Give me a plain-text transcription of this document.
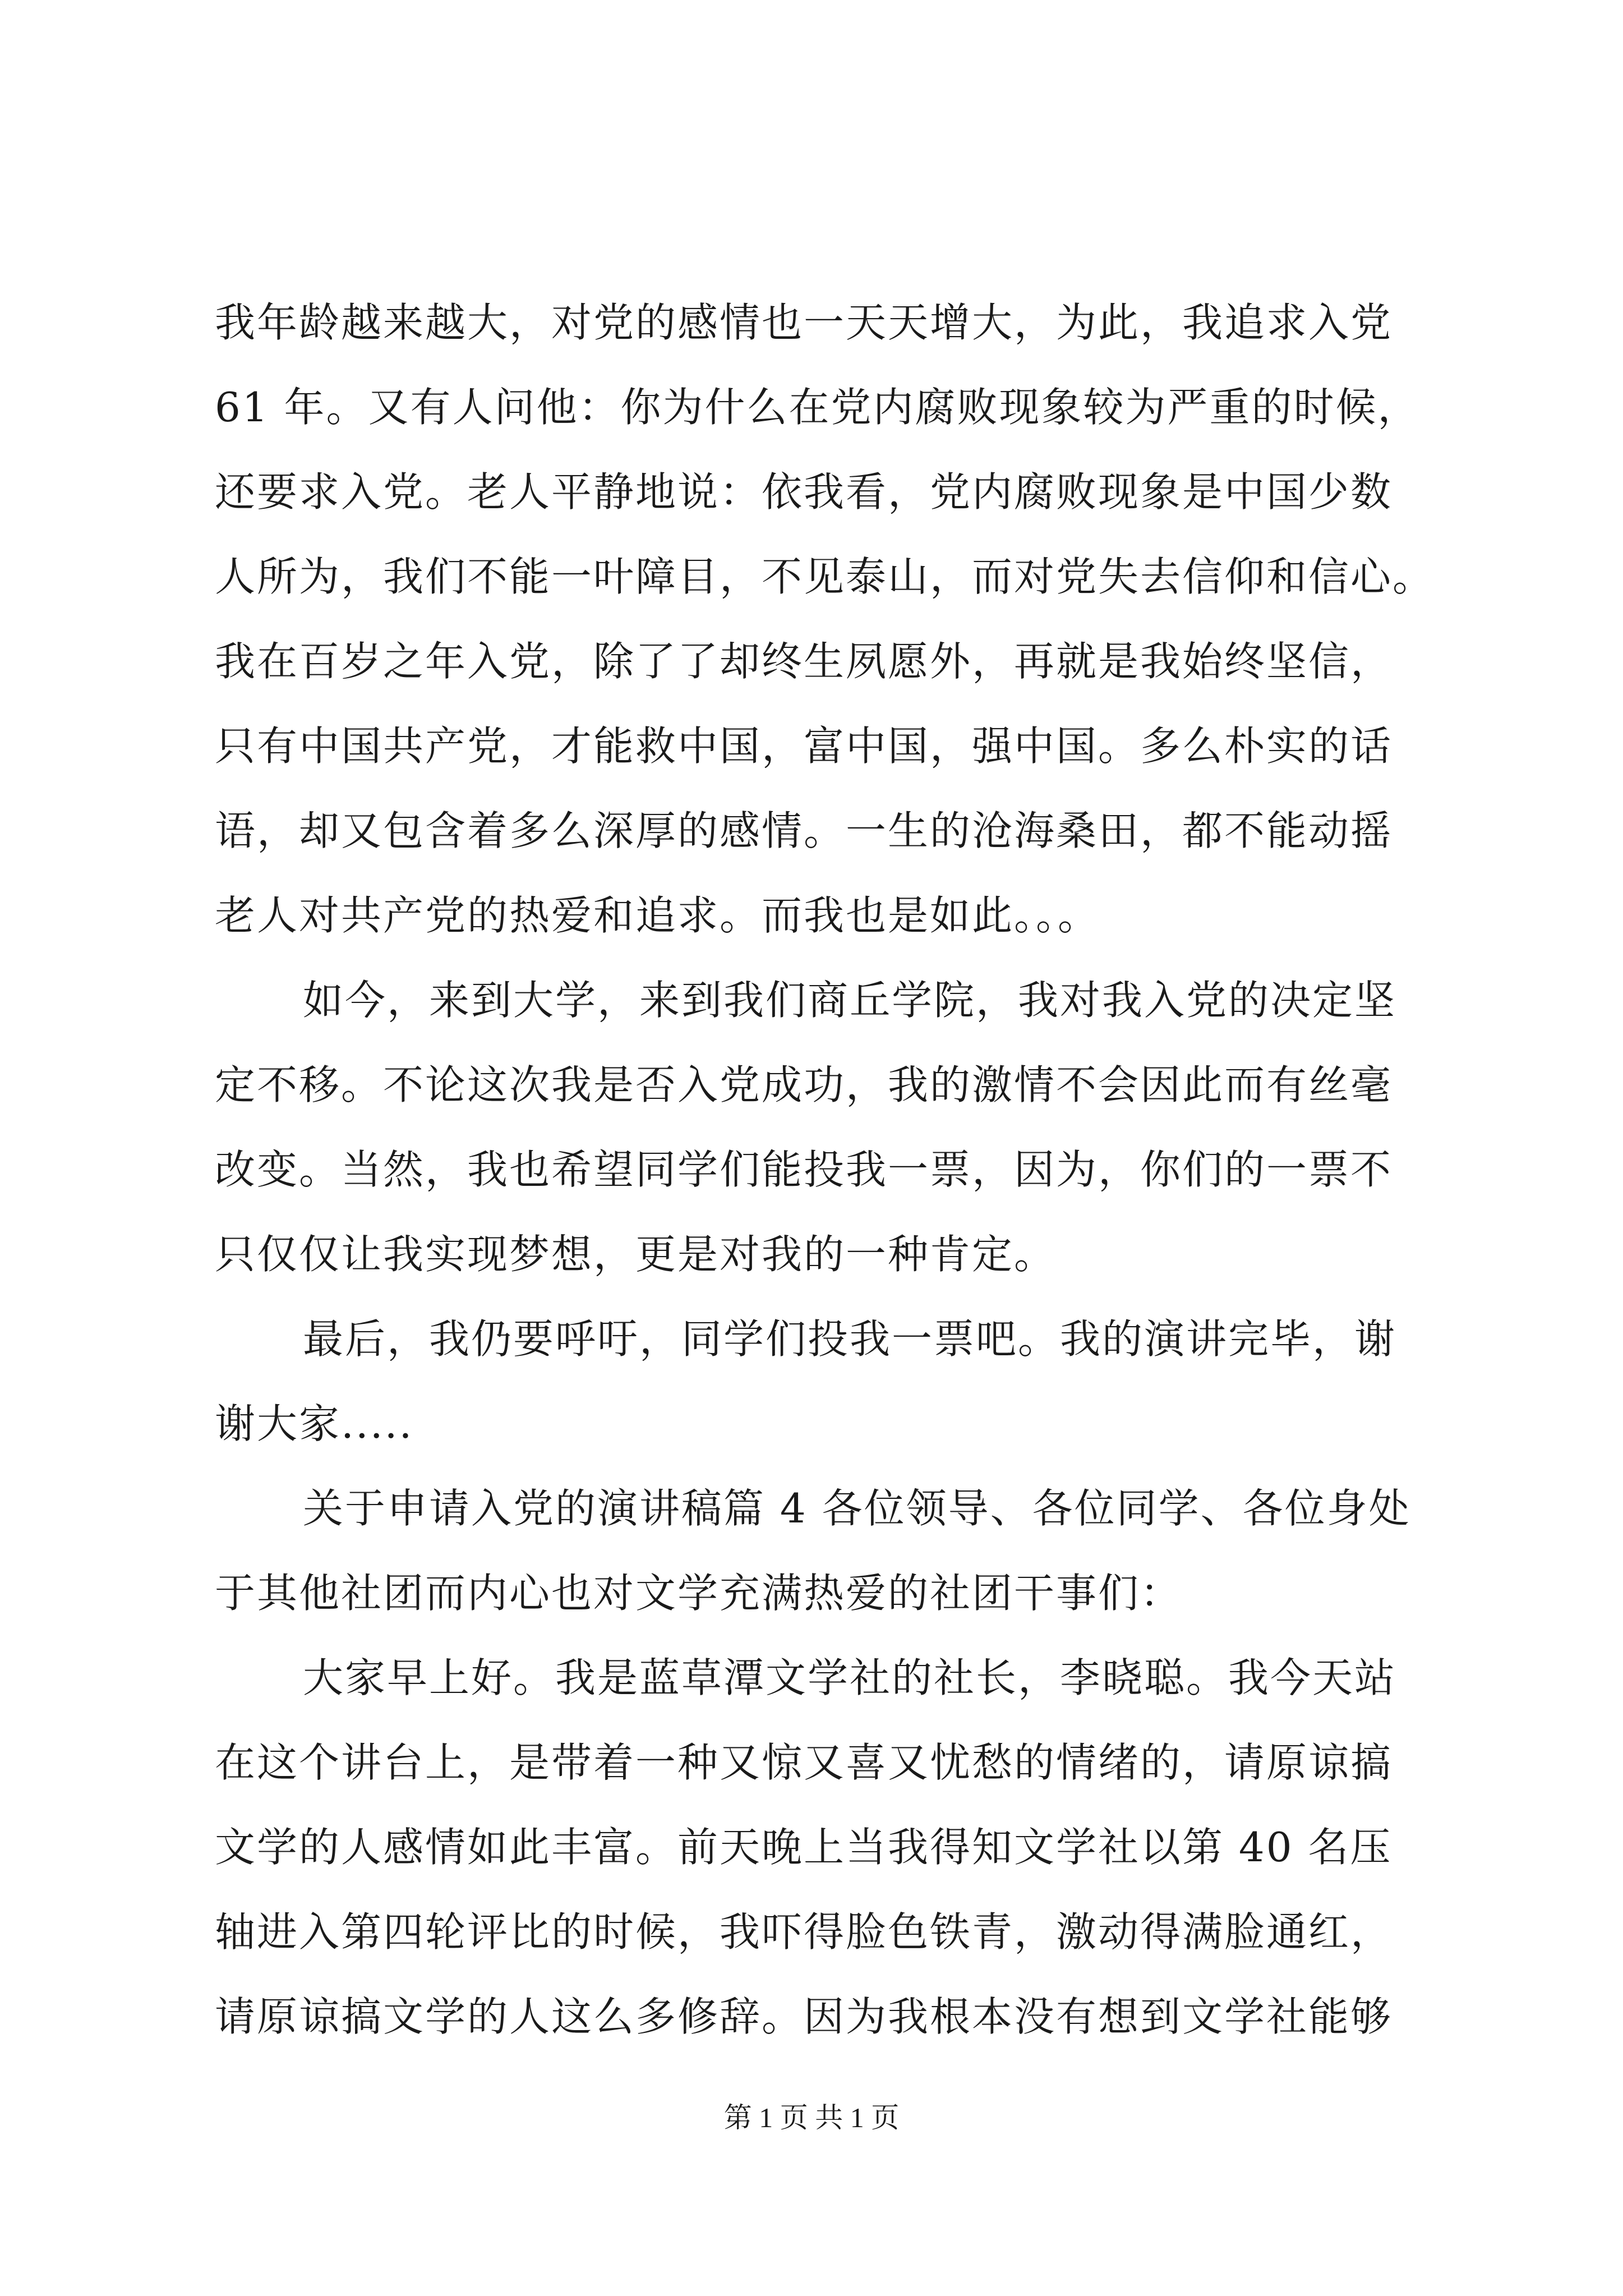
我年龄越来越大，对党的感情也一天天增大，为此，我追求入党
61 年。又有人问他：你为什么在党内腐败现象较为严重的时候，
还要求入党。老人平静地说：依我看，党内腐败现象是中国少数
人所为，我们不能一叶障目，不见泰山，而对党失去信仰和信心。
我在百岁之年入党，除了了却终生夙愿外，再就是我始终坚信，
只有中国共产党，才能救中国，富中国，强中国。多么朴实的话
语，却又包含着多么深厚的感情。一生的沧海桑田，都不能动摇
老人对共产党的热爱和追求。而我也是如此。。。
如今，来到大学，来到我们商丘学院，我对我入党的决定坚
定不移。不论这次我是否入党成功，我的激情不会因此而有丝毫
改变。当然，我也希望同学们能投我一票，因为，你们的一票不
只仅仅让我实现梦想，更是对我的一种肯定。
最后，我仍要呼吁，同学们投我一票吧。我的演讲完毕，谢
谢大家.....
关于申请入党的演讲稿篇 4 各位领导、各位同学、各位身处
于其他社团而内心也对文学充满热爱的社团干事们：
大家早上好。我是蓝草潭文学社的社长，李晓聪。我今天站
在这个讲台上，是带着一种又惊又喜又忧愁的情绪的，请原谅搞
文学的人感情如此丰富。前天晚上当我得知文学社以第 40 名压
轴进入第四轮评比的时候，我吓得脸色铁青，激动得满脸通红，
请原谅搞文学的人这么多修辞。因为我根本没有想到文学社能够
第 1 页 共 1 页
